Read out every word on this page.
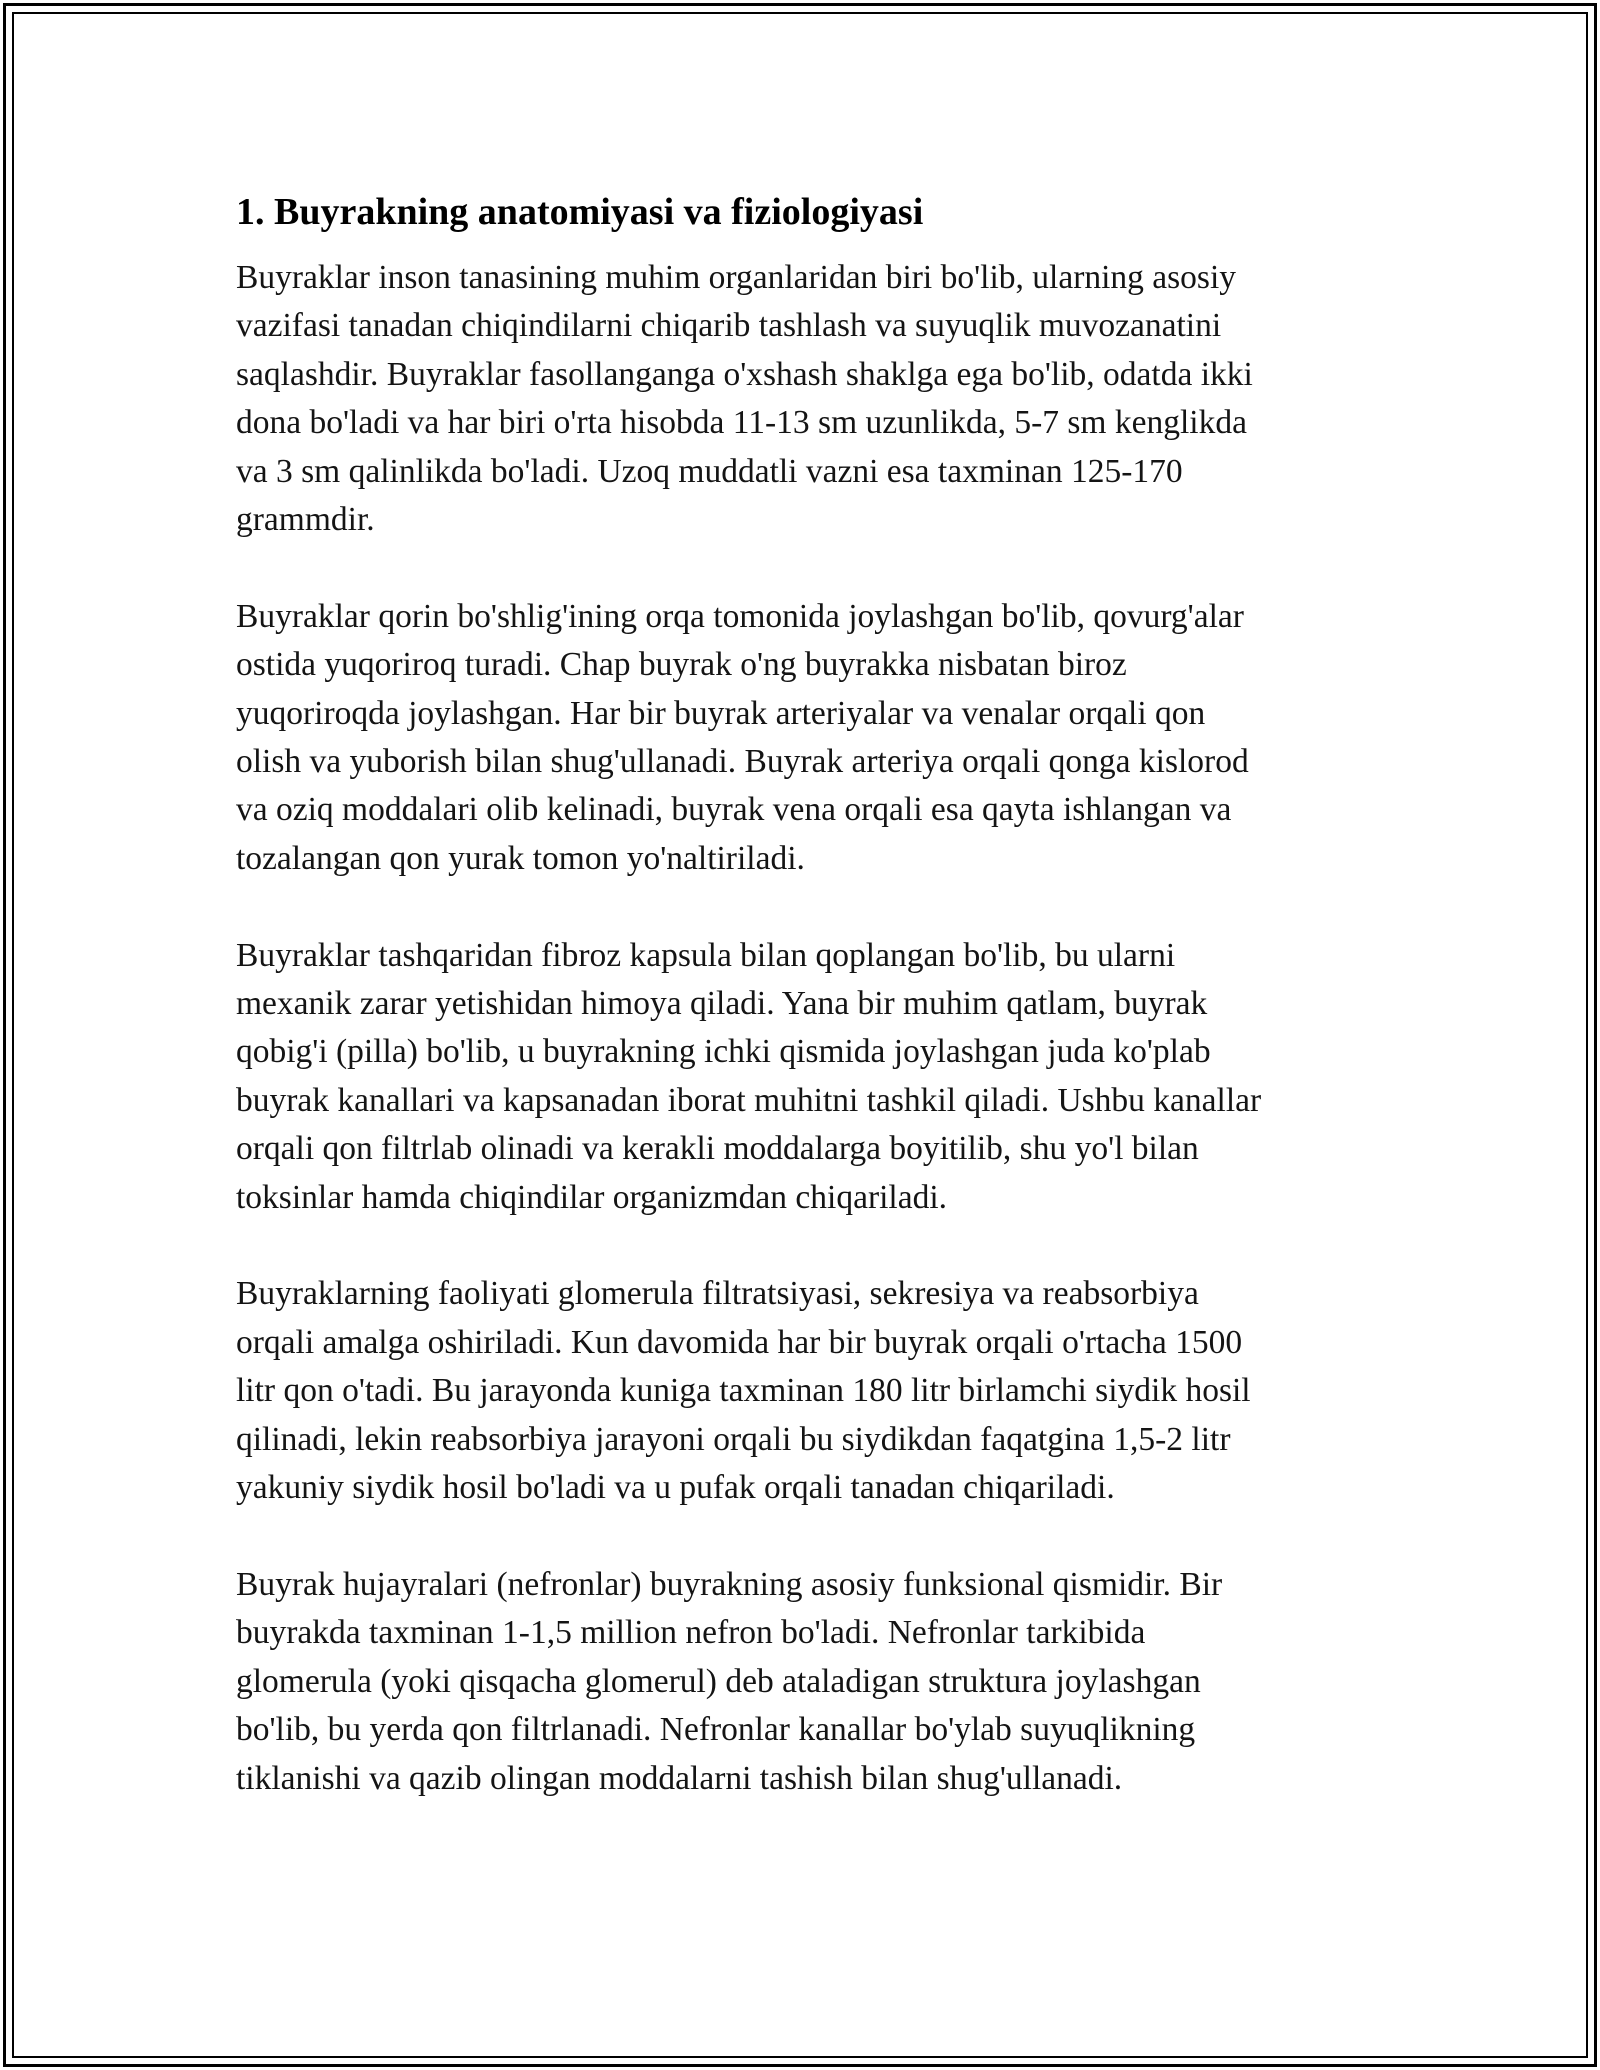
1. Buyrakning anatomiyasi va fiziologiyasi
Buyraklar inson tanasining muhim organlaridan biri bo'lib, ularning asosiy
vazifasi tanadan chiqindilarni chiqarib tashlash va suyuqlik muvozanatini
saqlashdir. Buyraklar fasollanganga o'xshash shaklga ega bo'lib, odatda ikki
dona bo'ladi va har biri o'rta hisobda 11-13 sm uzunlikda, 5-7 sm kenglikda
va 3 sm qalinlikda bo'ladi. Uzoq muddatli vazni esa taxminan 125-170
grammdir.
Buyraklar qorin bo'shlig'ining orqa tomonida joylashgan bo'lib, qovurg'alar
ostida yuqoriroq turadi. Chap buyrak o'ng buyrakka nisbatan biroz
yuqoriroqda joylashgan. Har bir buyrak arteriyalar va venalar orqali qon
olish va yuborish bilan shug'ullanadi. Buyrak arteriya orqali qonga kislorod
va oziq moddalari olib kelinadi, buyrak vena orqali esa qayta ishlangan va
tozalangan qon yurak tomon yo'naltiriladi.
Buyraklar tashqaridan fibroz kapsula bilan qoplangan bo'lib, bu ularni
mexanik zarar yetishidan himoya qiladi. Yana bir muhim qatlam, buyrak
qobig'i (pilla) bo'lib, u buyrakning ichki qismida joylashgan juda ko'plab
buyrak kanallari va kapsanadan iborat muhitni tashkil qiladi. Ushbu kanallar
orqali qon filtrlab olinadi va kerakli moddalarga boyitilib, shu yo'l bilan
toksinlar hamda chiqindilar organizmdan chiqariladi.
Buyraklarning faoliyati glomerula filtratsiyasi, sekresiya va reabsorbiya
orqali amalga oshiriladi. Kun davomida har bir buyrak orqali o'rtacha 1500
litr qon o'tadi. Bu jarayonda kuniga taxminan 180 litr birlamchi siydik hosil
qilinadi, lekin reabsorbiya jarayoni orqali bu siydikdan faqatgina 1,5-2 litr
yakuniy siydik hosil bo'ladi va u pufak orqali tanadan chiqariladi.
Buyrak hujayralari (nefronlar) buyrakning asosiy funksional qismidir. Bir
buyrakda taxminan 1-1,5 million nefron bo'ladi. Nefronlar tarkibida
glomerula (yoki qisqacha glomerul) deb ataladigan struktura joylashgan
bo'lib, bu yerda qon filtrlanadi. Nefronlar kanallar bo'ylab suyuqlikning
tiklanishi va qazib olingan moddalarni tashish bilan shug'ullanadi.
